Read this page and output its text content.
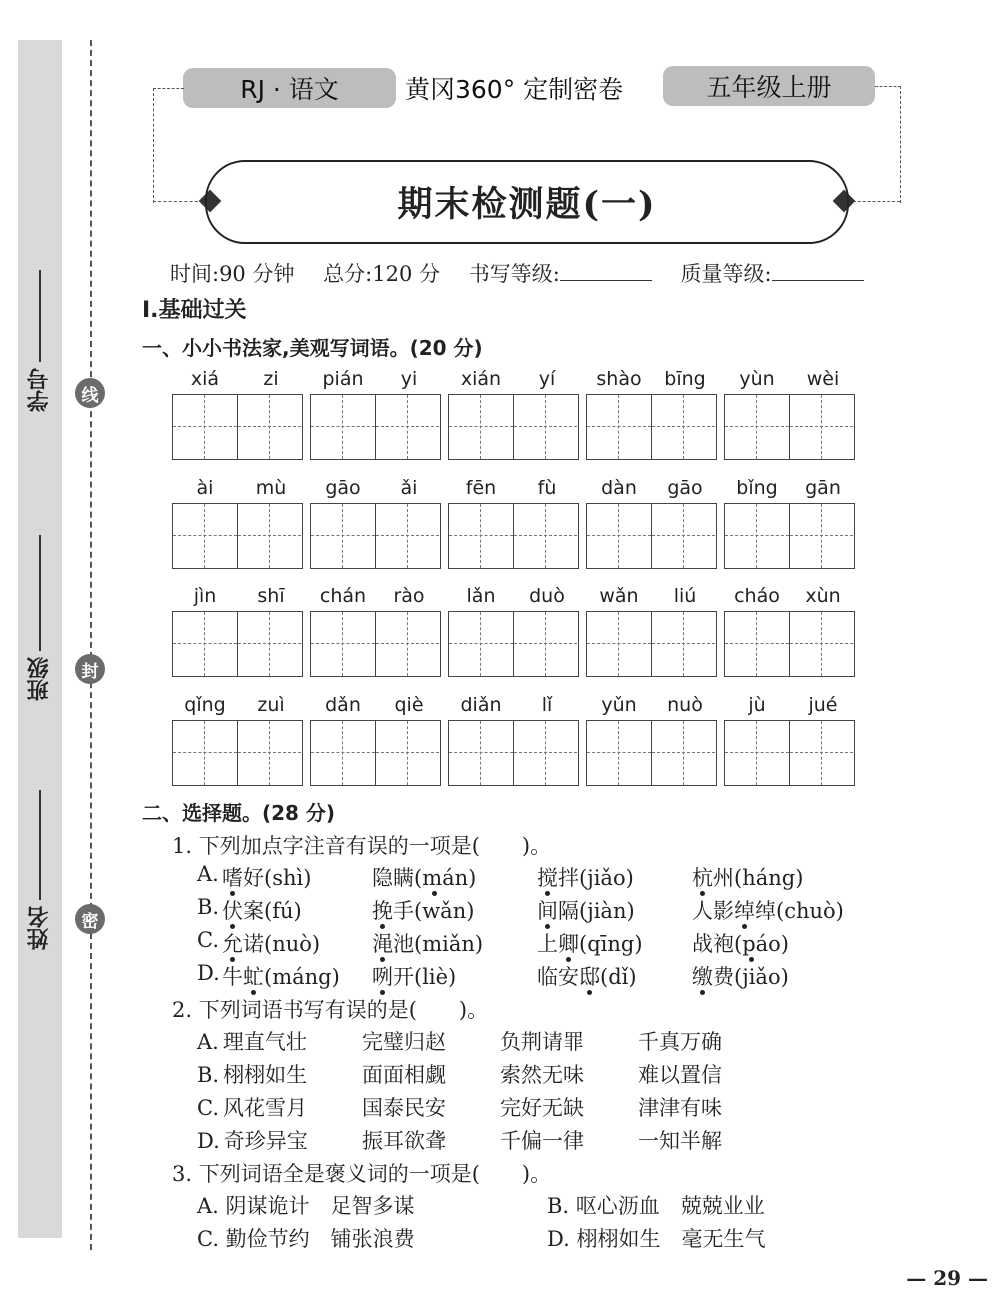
学号
班级
姓名
线
封
密
RJ · 语文	黄冈360° 定制密卷	五年级上册
期末检测题(一)
时间:90 分钟 总分:120 分 书写等级:	质量等级:
Ⅰ.基础过关
一、小小书法家,美观写词语。(20 分)
xiá	zi	pián	yi	xián	yí	shào	bīng	yùn	wèi
ài	mù	gāo	ǎi	fēn	fù	dàn	gāo	bǐng	gān
jìn	shī	chán	rào	lǎn	duò	wǎn	liú	cháo	xùn
qǐng	zuì	dǎn	qiè	diǎn	lǐ	yǔn	nuò	jù	jué
二、选择题。(28 分)
1. 下列加点字注音有误的一项是(　　)。
A. 嗜好(shì)	隐瞒(mán)	搅拌(jiǎo)	杭州(háng)
B. 伏案(fú)	挽手(wǎn)	间隔(jiàn)	人影绰绰(chuò)
C. 允诺(nuò) 渑池(miǎn)	上卿(qīng) 战袍(páo)
D. 牛虻(máng) 咧开(liè)	临安邸(dǐ)	缴费(jiǎo)
2. 下列词语书写有误的是(　　)。
A. 理直气壮	完璧归赵	负荆请罪	千真万确
B. 栩栩如生	面面相觑	索然无味	难以置信
C. 风花雪月	国泰民安	完好无缺	津津有味
D. 奇珍异宝	振耳欲聋	千偏一律	一知半解
3. 下列词语全是褒义词的一项是(　　)。
A. 阴谋诡计　足智多谋	B. 呕心沥血　兢兢业业
C. 勤俭节约　铺张浪费	D. 栩栩如生　毫无生气
— 29 —
